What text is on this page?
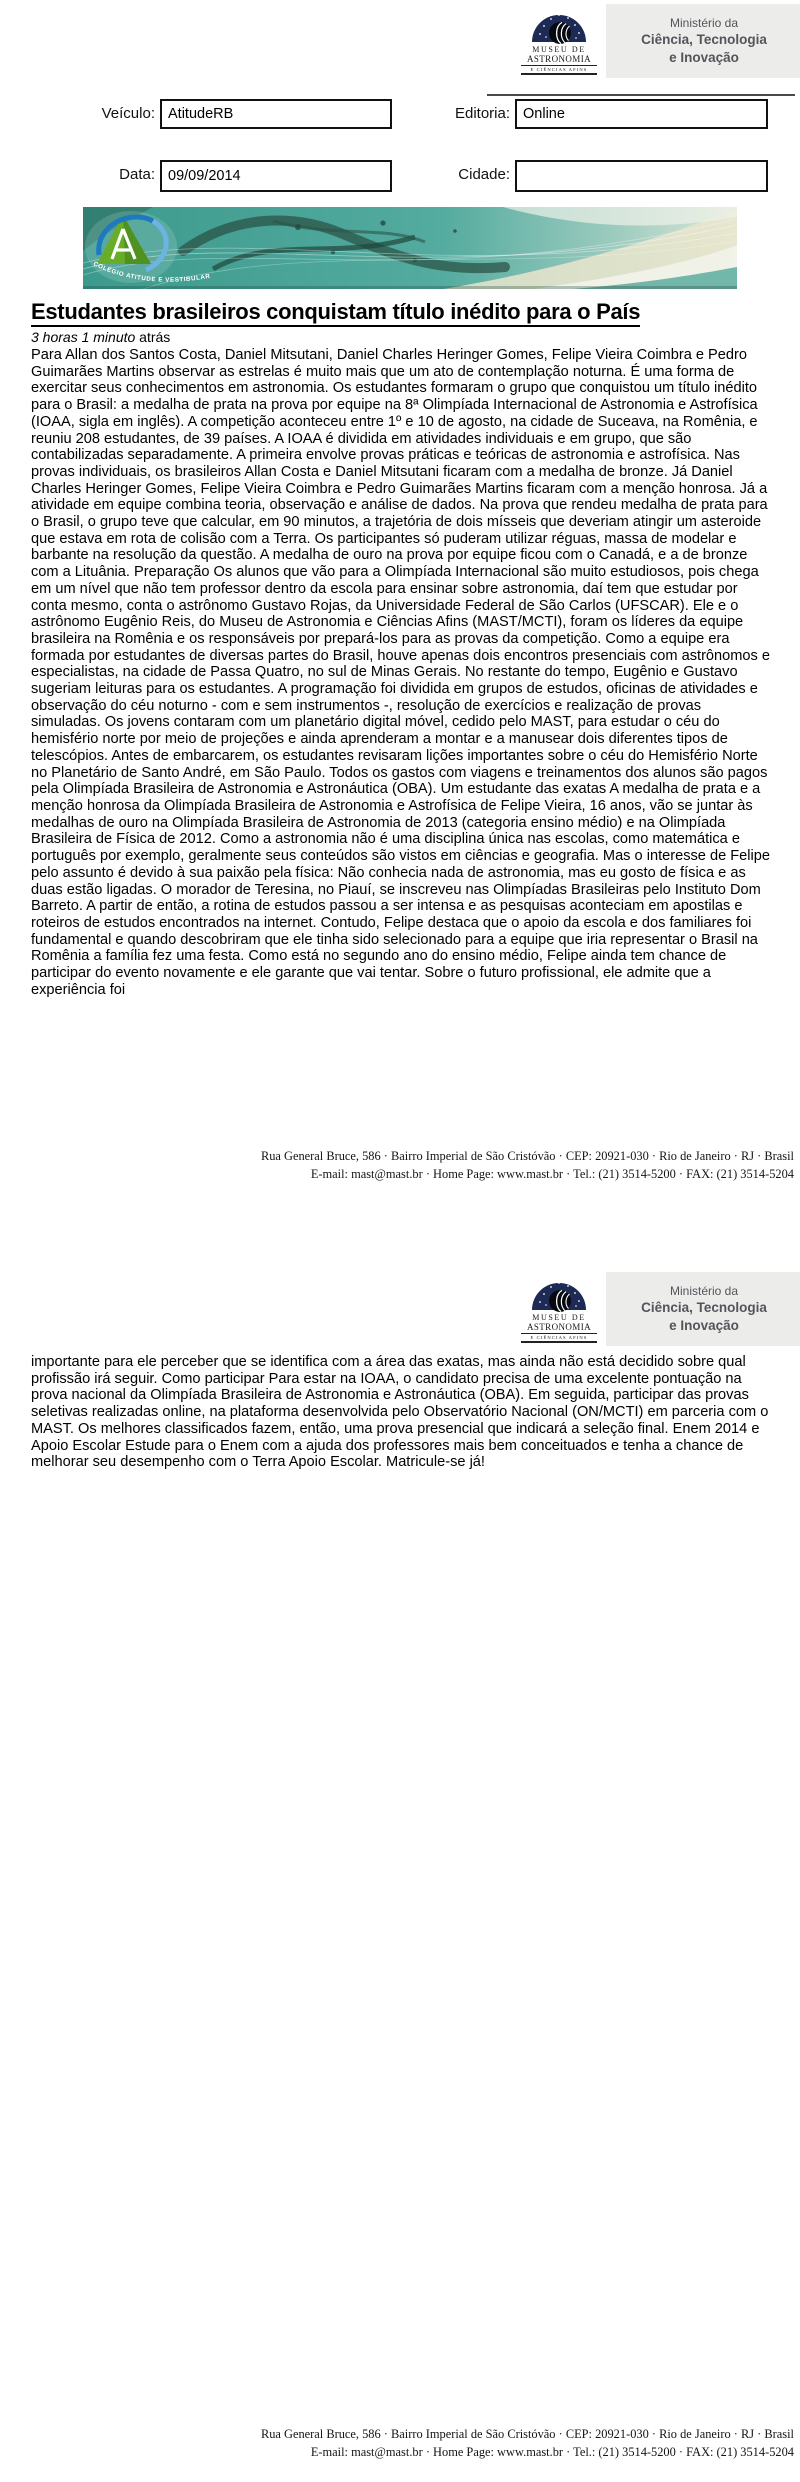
MUSEU DE
ASTRONOMIA
E CIÊNCIAS AFINS
Ministério da
Ciência, Tecnologia
e Inovação
Veículo:
AtitudeRB	Editoria:
Online
Data:
09/09/2014	Cidade:
COLÉGIO ATITUDE E VESTIBULAR
Estudantes brasileiros conquistam título inédito para o País
3 horas 1 minuto atrás
Para Allan dos Santos Costa, Daniel Mitsutani, Daniel Charles Heringer Gomes, Felipe Vieira Coimbra e Pedro Guimarães Martins observar as estrelas é muito mais que um ato de contemplação noturna. É uma forma de exercitar seus conhecimentos em astronomia. Os estudantes formaram o grupo que conquistou um título inédito para o Brasil: a medalha de prata na prova por equipe na 8ª Olimpíada Internacional de Astronomia e Astrofísica (IOAA, sigla em inglês). A competição aconteceu entre 1º e 10 de agosto, na cidade de Suceava, na Romênia, e reuniu 208 estudantes, de 39 países. A IOAA é dividida em atividades individuais e em grupo, que são contabilizadas separadamente. A primeira envolve provas práticas e teóricas de astronomia e astrofísica. Nas provas individuais, os brasileiros Allan Costa e Daniel Mitsutani ficaram com a medalha de bronze. Já Daniel Charles Heringer Gomes, Felipe Vieira Coimbra e Pedro Guimarães Martins ficaram com a menção honrosa. Já a atividade em equipe combina teoria, observação e análise de dados. Na prova que rendeu medalha de prata para o Brasil, o grupo teve que calcular, em 90 minutos, a trajetória de dois mísseis que deveriam atingir um asteroide que estava em rota de colisão com a Terra. Os participantes só puderam utilizar réguas, massa de modelar e barbante na resolução da questão. A medalha de ouro na prova por equipe ficou com o Canadá, e a de bronze com a Lituânia. Preparação Os alunos que vão para a Olimpíada Internacional são muito estudiosos, pois chega em um nível que não tem professor dentro da escola para ensinar sobre astronomia, daí tem que estudar por conta mesmo, conta o astrônomo Gustavo Rojas, da Universidade Federal de São Carlos (UFSCAR). Ele e o astrônomo Eugênio Reis, do Museu de Astronomia e Ciências Afins (MAST/MCTI), foram os líderes da equipe brasileira na Romênia e os responsáveis por prepará-los para as provas da competição. Como a equipe era formada por estudantes de diversas partes do Brasil, houve apenas dois encontros presenciais com astrônomos e especialistas, na cidade de Passa Quatro, no sul de Minas Gerais. No restante do tempo, Eugênio e Gustavo sugeriam leituras para os estudantes. A programação foi dividida em grupos de estudos, oficinas de atividades e observação do céu noturno - com e sem instrumentos -, resolução de exercícios e realização de provas simuladas. Os jovens contaram com um planetário digital móvel, cedido pelo MAST, para estudar o céu do hemisfério norte por meio de projeções e ainda aprenderam a montar e a manusear dois diferentes tipos de telescópios. Antes de embarcarem, os estudantes revisaram lições importantes sobre o céu do Hemisfério Norte no Planetário de Santo André, em São Paulo. Todos os gastos com viagens e treinamentos dos alunos são pagos pela Olimpíada Brasileira de Astronomia e Astronáutica (OBA). Um estudante das exatas A medalha de prata e a menção honrosa da Olimpíada Brasileira de Astronomia e Astrofísica de Felipe Vieira, 16 anos, vão se juntar às medalhas de ouro na Olimpíada Brasileira de Astronomia de 2013 (categoria ensino médio) e na Olimpíada Brasileira de Física de 2012. Como a astronomia não é uma disciplina única nas escolas, como matemática e português por exemplo, geralmente seus conteúdos são vistos em ciências e geografia. Mas o interesse de Felipe pelo assunto é devido à sua paixão pela física: Não conhecia nada de astronomia, mas eu gosto de física e as duas estão ligadas. O morador de Teresina, no Piauí, se inscreveu nas Olimpíadas Brasileiras pelo Instituto Dom Barreto. A partir de então, a rotina de estudos passou a ser intensa e as pesquisas aconteciam em apostilas e roteiros de estudos encontrados na internet. Contudo, Felipe destaca que o apoio da escola e dos familiares foi fundamental e quando descobriram que ele tinha sido selecionado para a equipe que iria representar o Brasil na Romênia a família fez uma festa. Como está no segundo ano do ensino médio, Felipe ainda tem chance de participar do evento novamente e ele garante que vai tentar. Sobre o futuro profissional, ele admite que a experiência foi
Rua General Bruce, 586 · Bairro Imperial de São Cristóvão · CEP: 20921-030 · Rio de Janeiro · RJ · Brasil
E-mail: mast@mast.br · Home Page: www.mast.br · Tel.: (21) 3514-5200 · FAX: (21) 3514-5204
MUSEU DE
ASTRONOMIA
E CIÊNCIAS AFINS
Ministério da
Ciência, Tecnologia
e Inovação
importante para ele perceber que se identifica com a área das exatas, mas ainda não está decidido sobre qual profissão irá seguir. Como participar Para estar na IOAA, o candidato precisa de uma excelente pontuação na prova nacional da Olimpíada Brasileira de Astronomia e Astronáutica (OBA). Em seguida, participar das provas seletivas realizadas online, na plataforma desenvolvida pelo Observatório Nacional (ON/MCTI) em parceria com o MAST. Os melhores classificados fazem, então, uma prova presencial que indicará a seleção final. Enem 2014 e Apoio Escolar Estude para o Enem com a ajuda dos professores mais bem conceituados e tenha a chance de melhorar seu desempenho com o Terra Apoio Escolar. Matricule-se já!
Rua General Bruce, 586 · Bairro Imperial de São Cristóvão · CEP: 20921-030 · Rio de Janeiro · RJ · Brasil
E-mail: mast@mast.br · Home Page: www.mast.br · Tel.: (21) 3514-5200 · FAX: (21) 3514-5204
